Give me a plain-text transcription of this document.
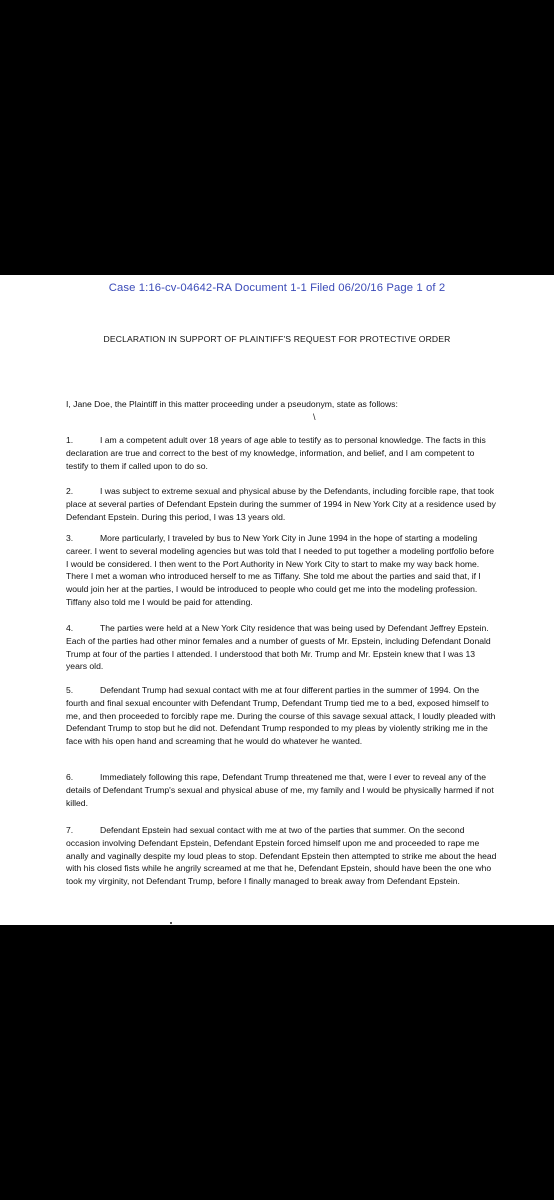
Case 1:16-cv-04642-RA Document 1-1 Filed 06/20/16 Page 1 of 2
DECLARATION IN SUPPORT OF PLAINTIFF'S REQUEST FOR PROTECTIVE ORDER
I, Jane Doe, the Plaintiff in this matter proceeding under a pseudonym, state as follows:
\
1.	I am a competent adult over 18 years of age able to testify as to personal knowledge. The facts in this declaration are true and correct to the best of my knowledge, information, and belief, and I am competent to testify to them if called upon to do so.
2.	I was subject to extreme sexual and physical abuse by the Defendants, including forcible rape, that took place at several parties of Defendant Epstein during the summer of 1994 in New York City at a residence used by Defendant Epstein. During this period, I was 13 years old.
3.	More particularly, I traveled by bus to New York City in June 1994 in the hope of starting a modeling career. I went to several modeling agencies but was told that I needed to put together a modeling portfolio before I would be considered. I then went to the Port Authority in New York City to start to make my way back home. There I met a woman who introduced herself to me as Tiffany. She told me about the parties and said that, if I would join her at the parties, I would be introduced to people who could get me into the modeling profession. Tiffany also told me I would be paid for attending.
4.	The parties were held at a New York City residence that was being used by Defendant Jeffrey Epstein. Each of the parties had other minor females and a number of guests of Mr. Epstein, including Defendant Donald Trump at four of the parties I attended. I understood that both Mr. Trump and Mr. Epstein knew that I was 13 years old.
5.	Defendant Trump had sexual contact with me at four different parties in the summer of 1994. On the fourth and final sexual encounter with Defendant Trump, Defendant Trump tied me to a bed, exposed himself to me, and then proceeded to forcibly rape me. During the course of this savage sexual attack, I loudly pleaded with Defendant Trump to stop but he did not. Defendant Trump responded to my pleas by violently striking me in the face with his open hand and screaming that he would do whatever he wanted.
6.	Immediately following this rape, Defendant Trump threatened me that, were I ever to reveal any of the details of Defendant Trump's sexual and physical abuse of me, my family and I would be physically harmed if not killed.
7.	Defendant Epstein had sexual contact with me at two of the parties that summer. On the second occasion involving Defendant Epstein, Defendant Epstein forced himself upon me and proceeded to rape me anally and vaginally despite my loud pleas to stop. Defendant Epstein then attempted to strike me about the head with his closed fists while he angrily screamed at me that he, Defendant Epstein, should have been the one who took my virginity, not Defendant Trump, before I finally managed to break away from Defendant Epstein.
